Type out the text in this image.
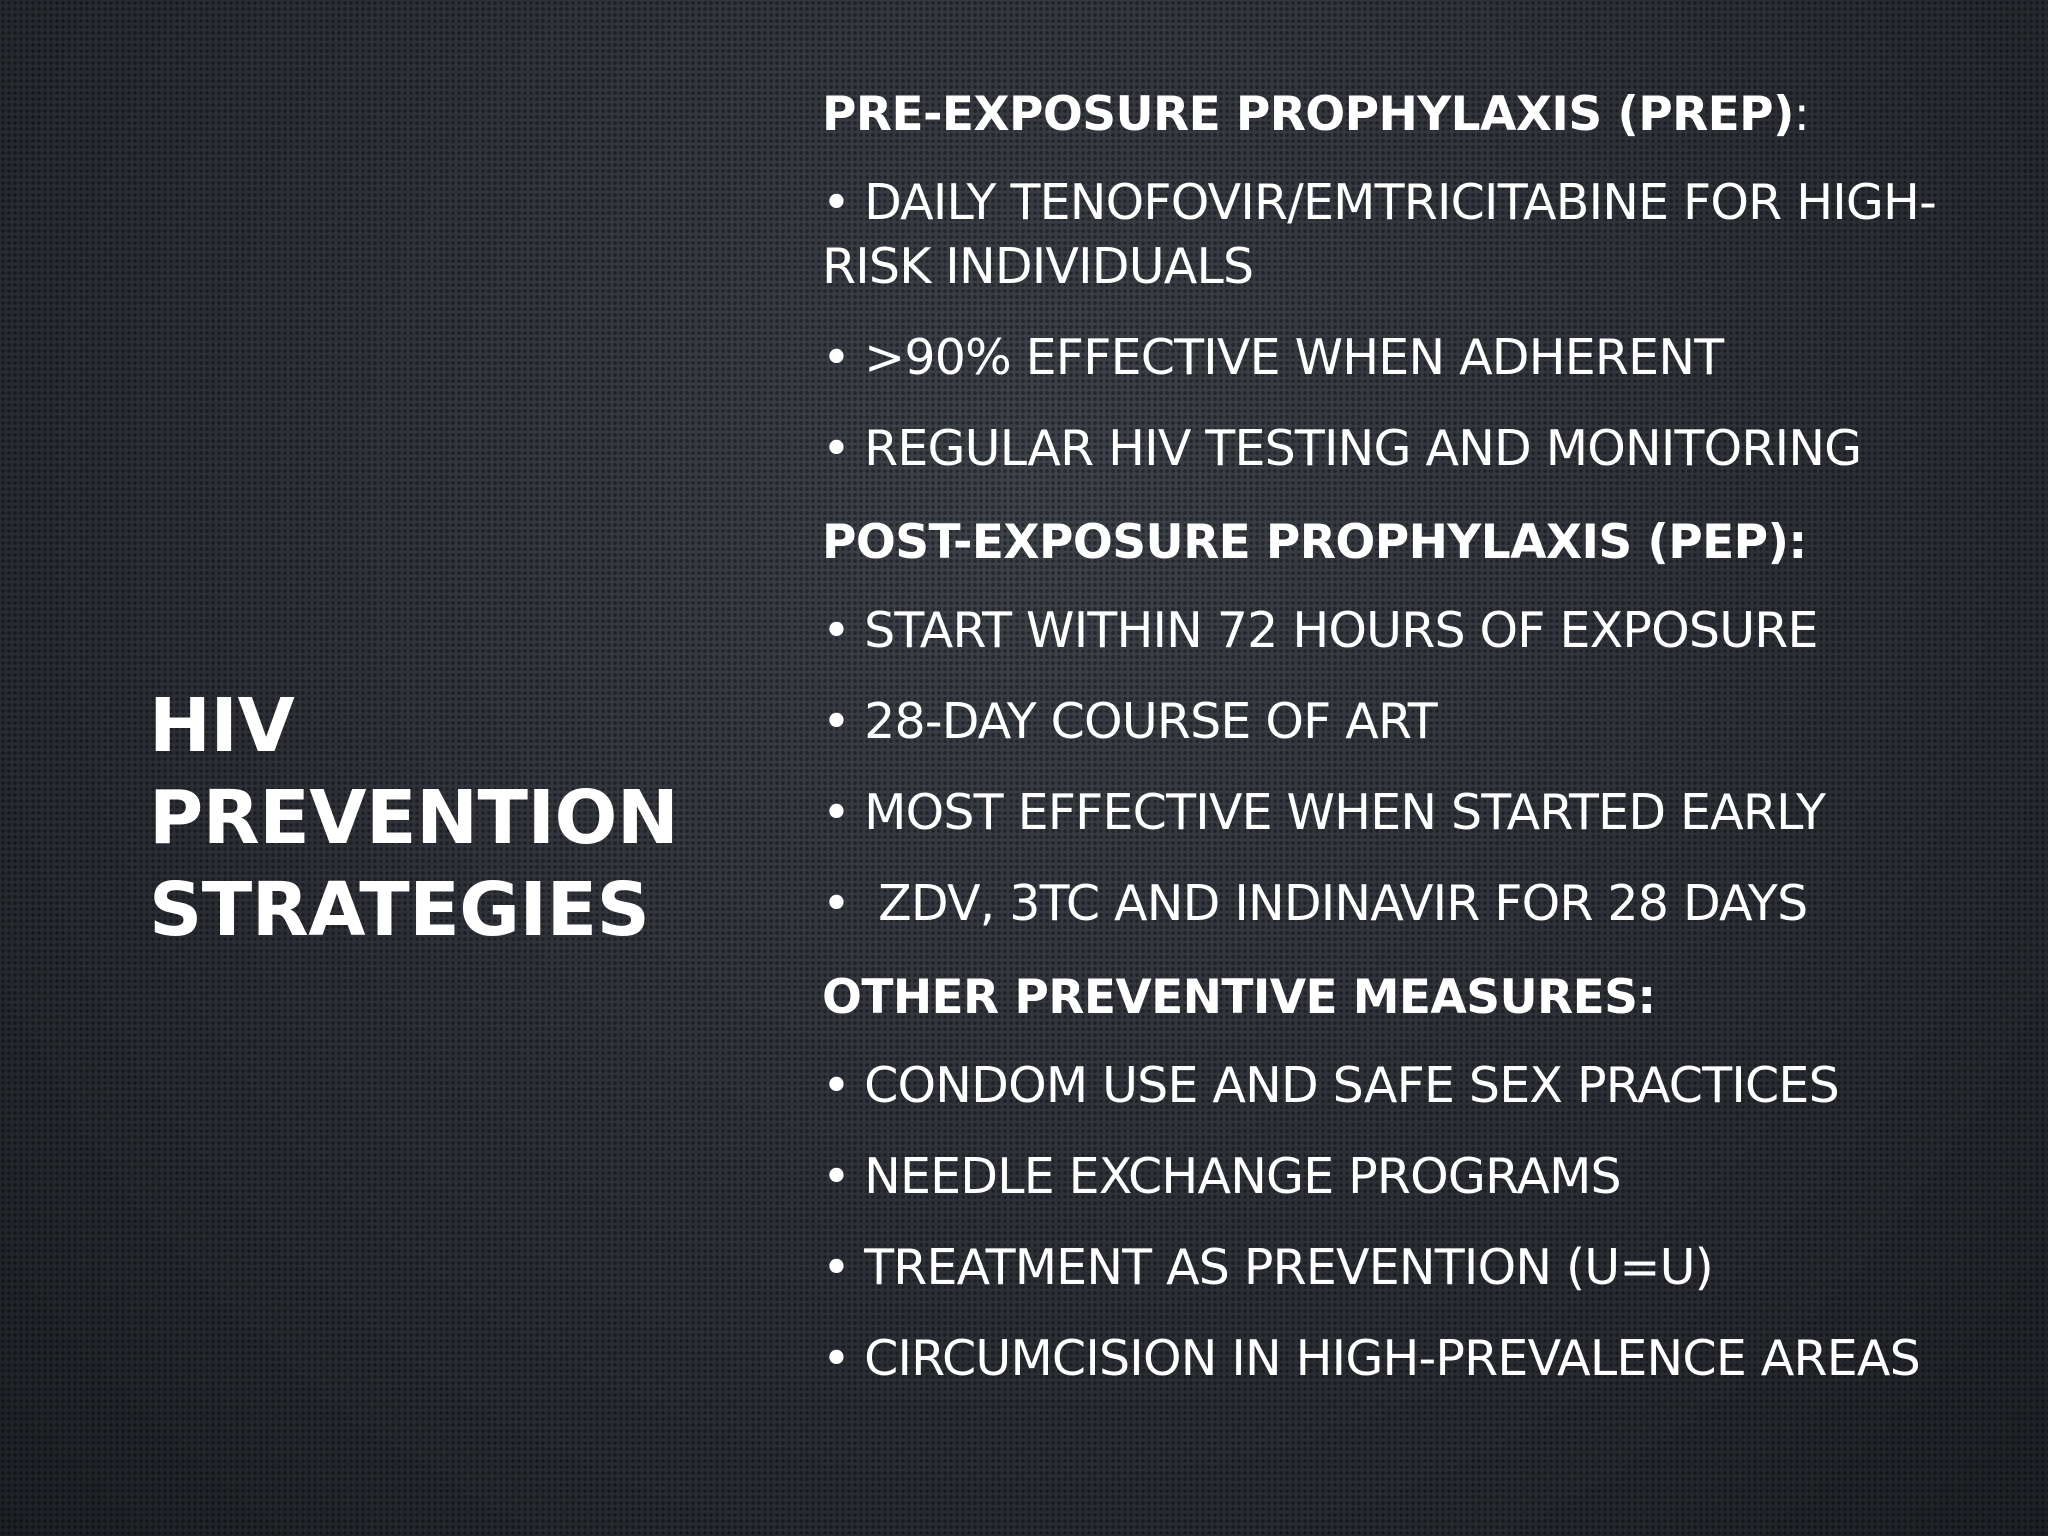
HIV PREVENTION STRATEGIES

PRE-EXPOSURE PROPHYLAXIS (PREP):

• DAILY TENOFOVIR/EMTRICITABINE FOR HIGH-RISK INDIVIDUALS

• >90% EFFECTIVE WHEN ADHERENT

• REGULAR HIV TESTING AND MONITORING

POST-EXPOSURE PROPHYLAXIS (PEP):

• START WITHIN 72 HOURS OF EXPOSURE

• 28-DAY COURSE OF ART

• MOST EFFECTIVE WHEN STARTED EARLY

• ZDV, 3TC AND INDINAVIR FOR 28 DAYS

OTHER PREVENTIVE MEASURES:

• CONDOM USE AND SAFE SEX PRACTICES

• NEEDLE EXCHANGE PROGRAMS

• TREATMENT AS PREVENTION (U=U)

• CIRCUMCISION IN HIGH-PREVALENCE AREAS
